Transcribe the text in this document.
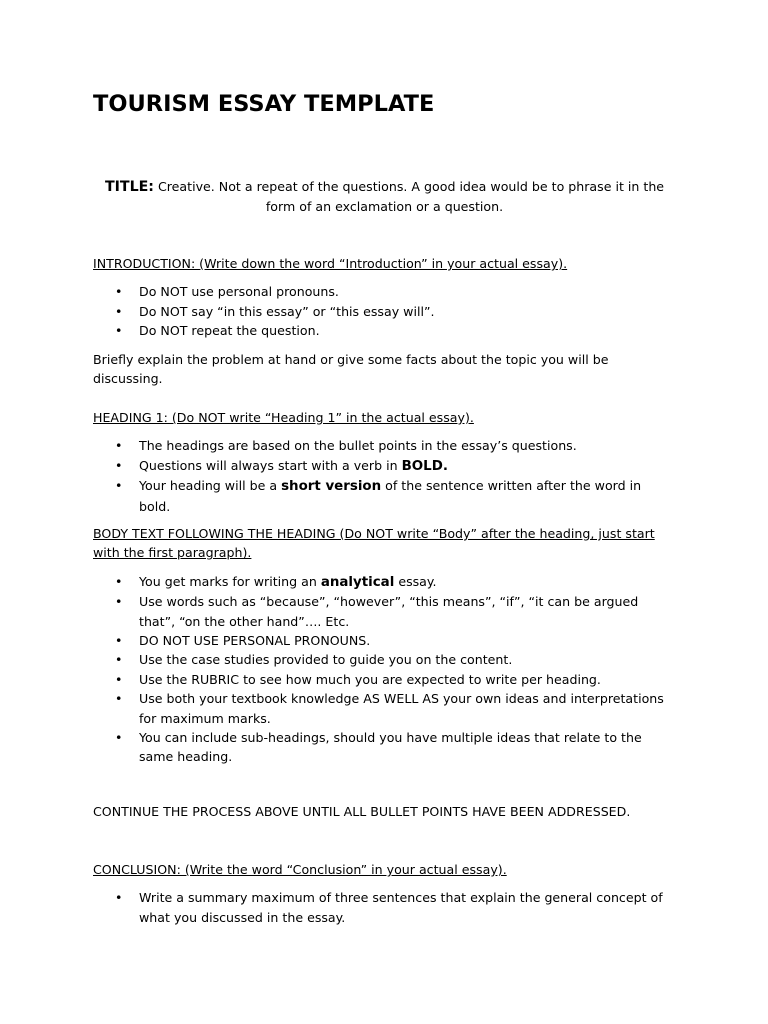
TOURISM ESSAY TEMPLATE

TITLE: Creative. Not a repeat of the questions. A good idea would be to phrase it in the form of an exclamation or a question.

INTRODUCTION: (Write down the word “Introduction” in your actual essay).

• Do NOT use personal pronouns.
• Do NOT say “in this essay” or “this essay will”.
• Do NOT repeat the question.

Briefly explain the problem at hand or give some facts about the topic you will be discussing.

HEADING 1: (Do NOT write “Heading 1” in the actual essay).

• The headings are based on the bullet points in the essay’s questions.
• Questions will always start with a verb in BOLD.
• Your heading will be a short version of the sentence written after the word in bold.

BODY TEXT FOLLOWING THE HEADING (Do NOT write “Body” after the heading, just start with the first paragraph).

• You get marks for writing an analytical essay.
• Use words such as “because”, “however”, “this means”, “if”, “it can be argued that”, “on the other hand”…. Etc.
• DO NOT USE PERSONAL PRONOUNS.
• Use the case studies provided to guide you on the content.
• Use the RUBRIC to see how much you are expected to write per heading.
• Use both your textbook knowledge AS WELL AS your own ideas and interpretations for maximum marks.
• You can include sub-headings, should you have multiple ideas that relate to the same heading.

CONTINUE THE PROCESS ABOVE UNTIL ALL BULLET POINTS HAVE BEEN ADDRESSED.

CONCLUSION: (Write the word “Conclusion” in your actual essay).

• Write a summary maximum of three sentences that explain the general concept of what you discussed in the essay.
